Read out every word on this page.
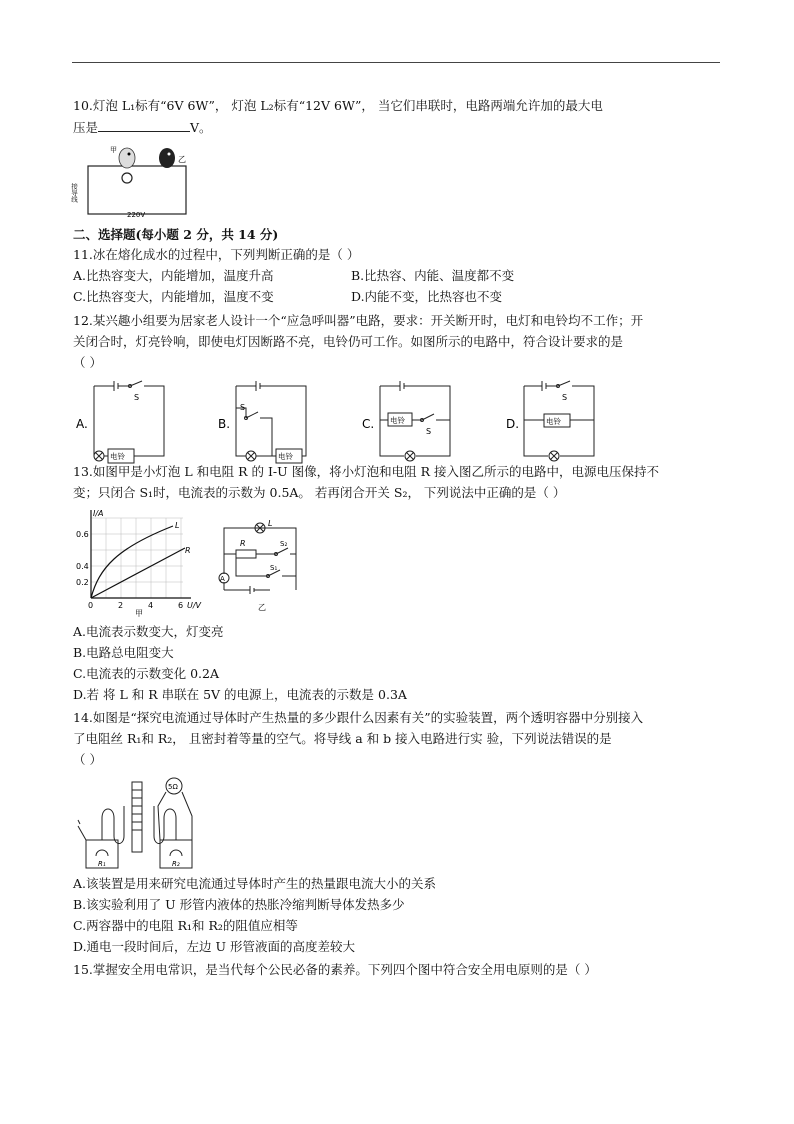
10.灯泡 L₁标有“6V 6W”， 灯泡 L₂标有“12V 6W”， 当它们串联时，电路两端允许加的最大电
压是	V。
甲
乙
接导线
220V
二、选择题(每小题 2 分，共 14 分)
11.冰在熔化成水的过程中，下列判断正确的是（ ）
A.比热容变大，内能增加，温度升高	B.比热容、内能、温度都不变
C.比热容变大，内能增加，温度不变	D.内能不变，比热容也不变
12.某兴趣小组要为居家老人设计一个“应急呼叫器”电路，要求：开关断开时，电灯和电铃均不工作；开
关闭合时，灯亮铃响，即使电灯因断路不亮，电铃仍可工作。如图所示的电路中，符合设计要求的是
（ ）
A.
S
电铃
B.
S
电铃
C.
S
电铃	D.
S
电铃
13.如图甲是小灯泡 L 和电阻 R 的 I-U 图像，将小灯泡和电阻 R 接入图乙所示的电路中，电源电压保持不
变；只闭合 S₁时，电流表的示数为 0.5A。 若再闭合开关 S₂， 下列说法中正确的是（ ）
I/A
U/V
0.6
0.4
0.2
0	2	4	6
L
R
甲
A
L
R	S₂
S₁
乙
A.电流表示数变大，灯变亮
B.电路总电阻变大
C.电流表的示数变化 0.2A
D.若 将 L 和 R 串联在 5V 的电源上，电流表的示数是 0.3A
14.如图是“探究电流通过导体时产生热量的多少跟什么因素有关”的实验装置，两个透明容器中分别接入
了电阻丝 R₁和 R₂， 且密封着等量的空气。将导线 a 和 b 接入电路进行实 验，下列说法错误的是
（ ）
5Ω
R₁	R₂
A.该装置是用来研究电流通过导体时产生的热量跟电流大小的关系
B.该实验利用了 U 形管内液体的热胀冷缩判断导体发热多少
C.两容器中的电阻 R₁和 R₂的阻值应相等
D.通电一段时间后，左边 U 形管液面的高度差较大
15.掌握安全用电常识，是当代每个公民必备的素养。下列四个图中符合安全用电原则的是（ ）
